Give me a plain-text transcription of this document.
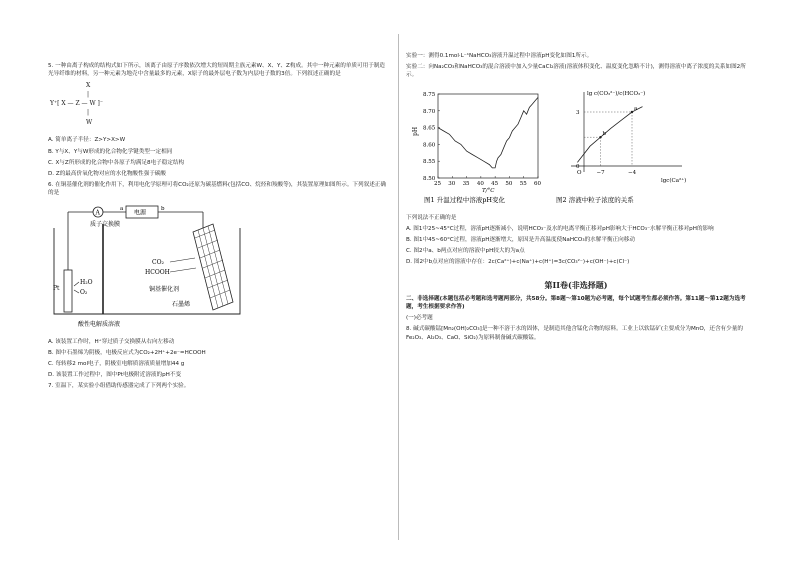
5. 一种由离子构成的结构式如下所示，该离子由原子序数依次增大的短周期主族元素W、X、Y、Z构成。其中一种元素的单质可用于制造光导纤维的材料，另一种元素为地壳中含量最多的元素，X原子的最外层电子数为内层电子数的3倍。下列叙述正确的是

X
|
Y⁺[ X — Z — W ]⁻
|
W

A. 简单离子半径：Z>Y>X>W

B. Y与X、Y与W形成的化合物化学键类型一定相同

C. X与Z所形成的化合物中各原子均满足8电子稳定结构

D. Z的最高价氧化物对应的水化物酸性强于碳酸

6. 在铜基催化剂的催化作用下，利用电化学原理可将CO₂还原为碳基燃料(包括CO、烷烃和羧酸等)，其装置原理如图所示。下列叙述正确的是

A	电源
a	b
质子交换膜
Pt
H₂O
O₂
CO₂
HCOOH
铜基催化剂
石墨烯
酸性电解质溶液

A. 该装置工作时，H⁺穿过质子交换膜从右向左移动

B. 图中石墨烯为阴极，电极反应式为CO₂+2H⁺+2e⁻=HCOOH

C. 每转移2 mol电子，阴极室电解质溶液质量增加44 g

D. 该装置工作过程中，图中Pt电极附近溶液的pH不变

7. 室温下，某实验小组借助传感器完成了下列两个实验。

实验一：测得0.1mol·L⁻¹NaHCO₃溶液升温过程中溶液pH变化如图1所示。

实验二：向Na₂CO₃和NaHCO₃的混合溶液中加入少量CaCl₂溶液(溶液体积变化、温度变化忽略不计)，测得溶液中离子浓度的关系如图2所示。

25 30 35 40 45 50 55 60
8.50
8.55
8.60
8.65
8.70
8.75
T/°C
pH
O
0
3
−7	−4
lgc(Ca²⁺)
lg c(CO₃²⁻)/c(HCO₃⁻)
b
a
图1 升温过程中溶液pH变化	图2 溶液中粒子浓度的关系

下列说法不正确的是

A. 图1中25~45°C过程，溶液pH逐渐减小，说明HCO₃⁻及水的电离平衡正移对pH影响大于HCO₃⁻水解平衡正移对pH的影响

B. 图1中45~60°C过程，溶液pH逐渐增大，原因是升高温度使NaHCO₃的水解平衡正向移动

C. 图2中a、b两点对应的溶液中pH较大的为a点

D. 图2中b点对应的溶液中存在：2c(Ca²⁺)+c(Na⁺)+c(H⁺)=3c(CO₃²⁻)+c(OH⁻)+c(Cl⁻)

第II卷(非选择题)

二、非选择题(本题包括必考题和选考题两部分，共58分。第8题～第10题为必考题，每个试题考生都必须作答。第11题～第12题为选考题，考生根据要求作答)

(一)必考题

8. 碱式碳酸锰[Mn₂(OH)₂CO₃]是一种不溶于水的固体，是制造其他含锰化合物的原料。工业上以软锰矿(主要成分为MnO，还含有少量的Fe₂O₃、Al₂O₃、CaO、SiO₂)为原料制备碱式碳酸锰。
